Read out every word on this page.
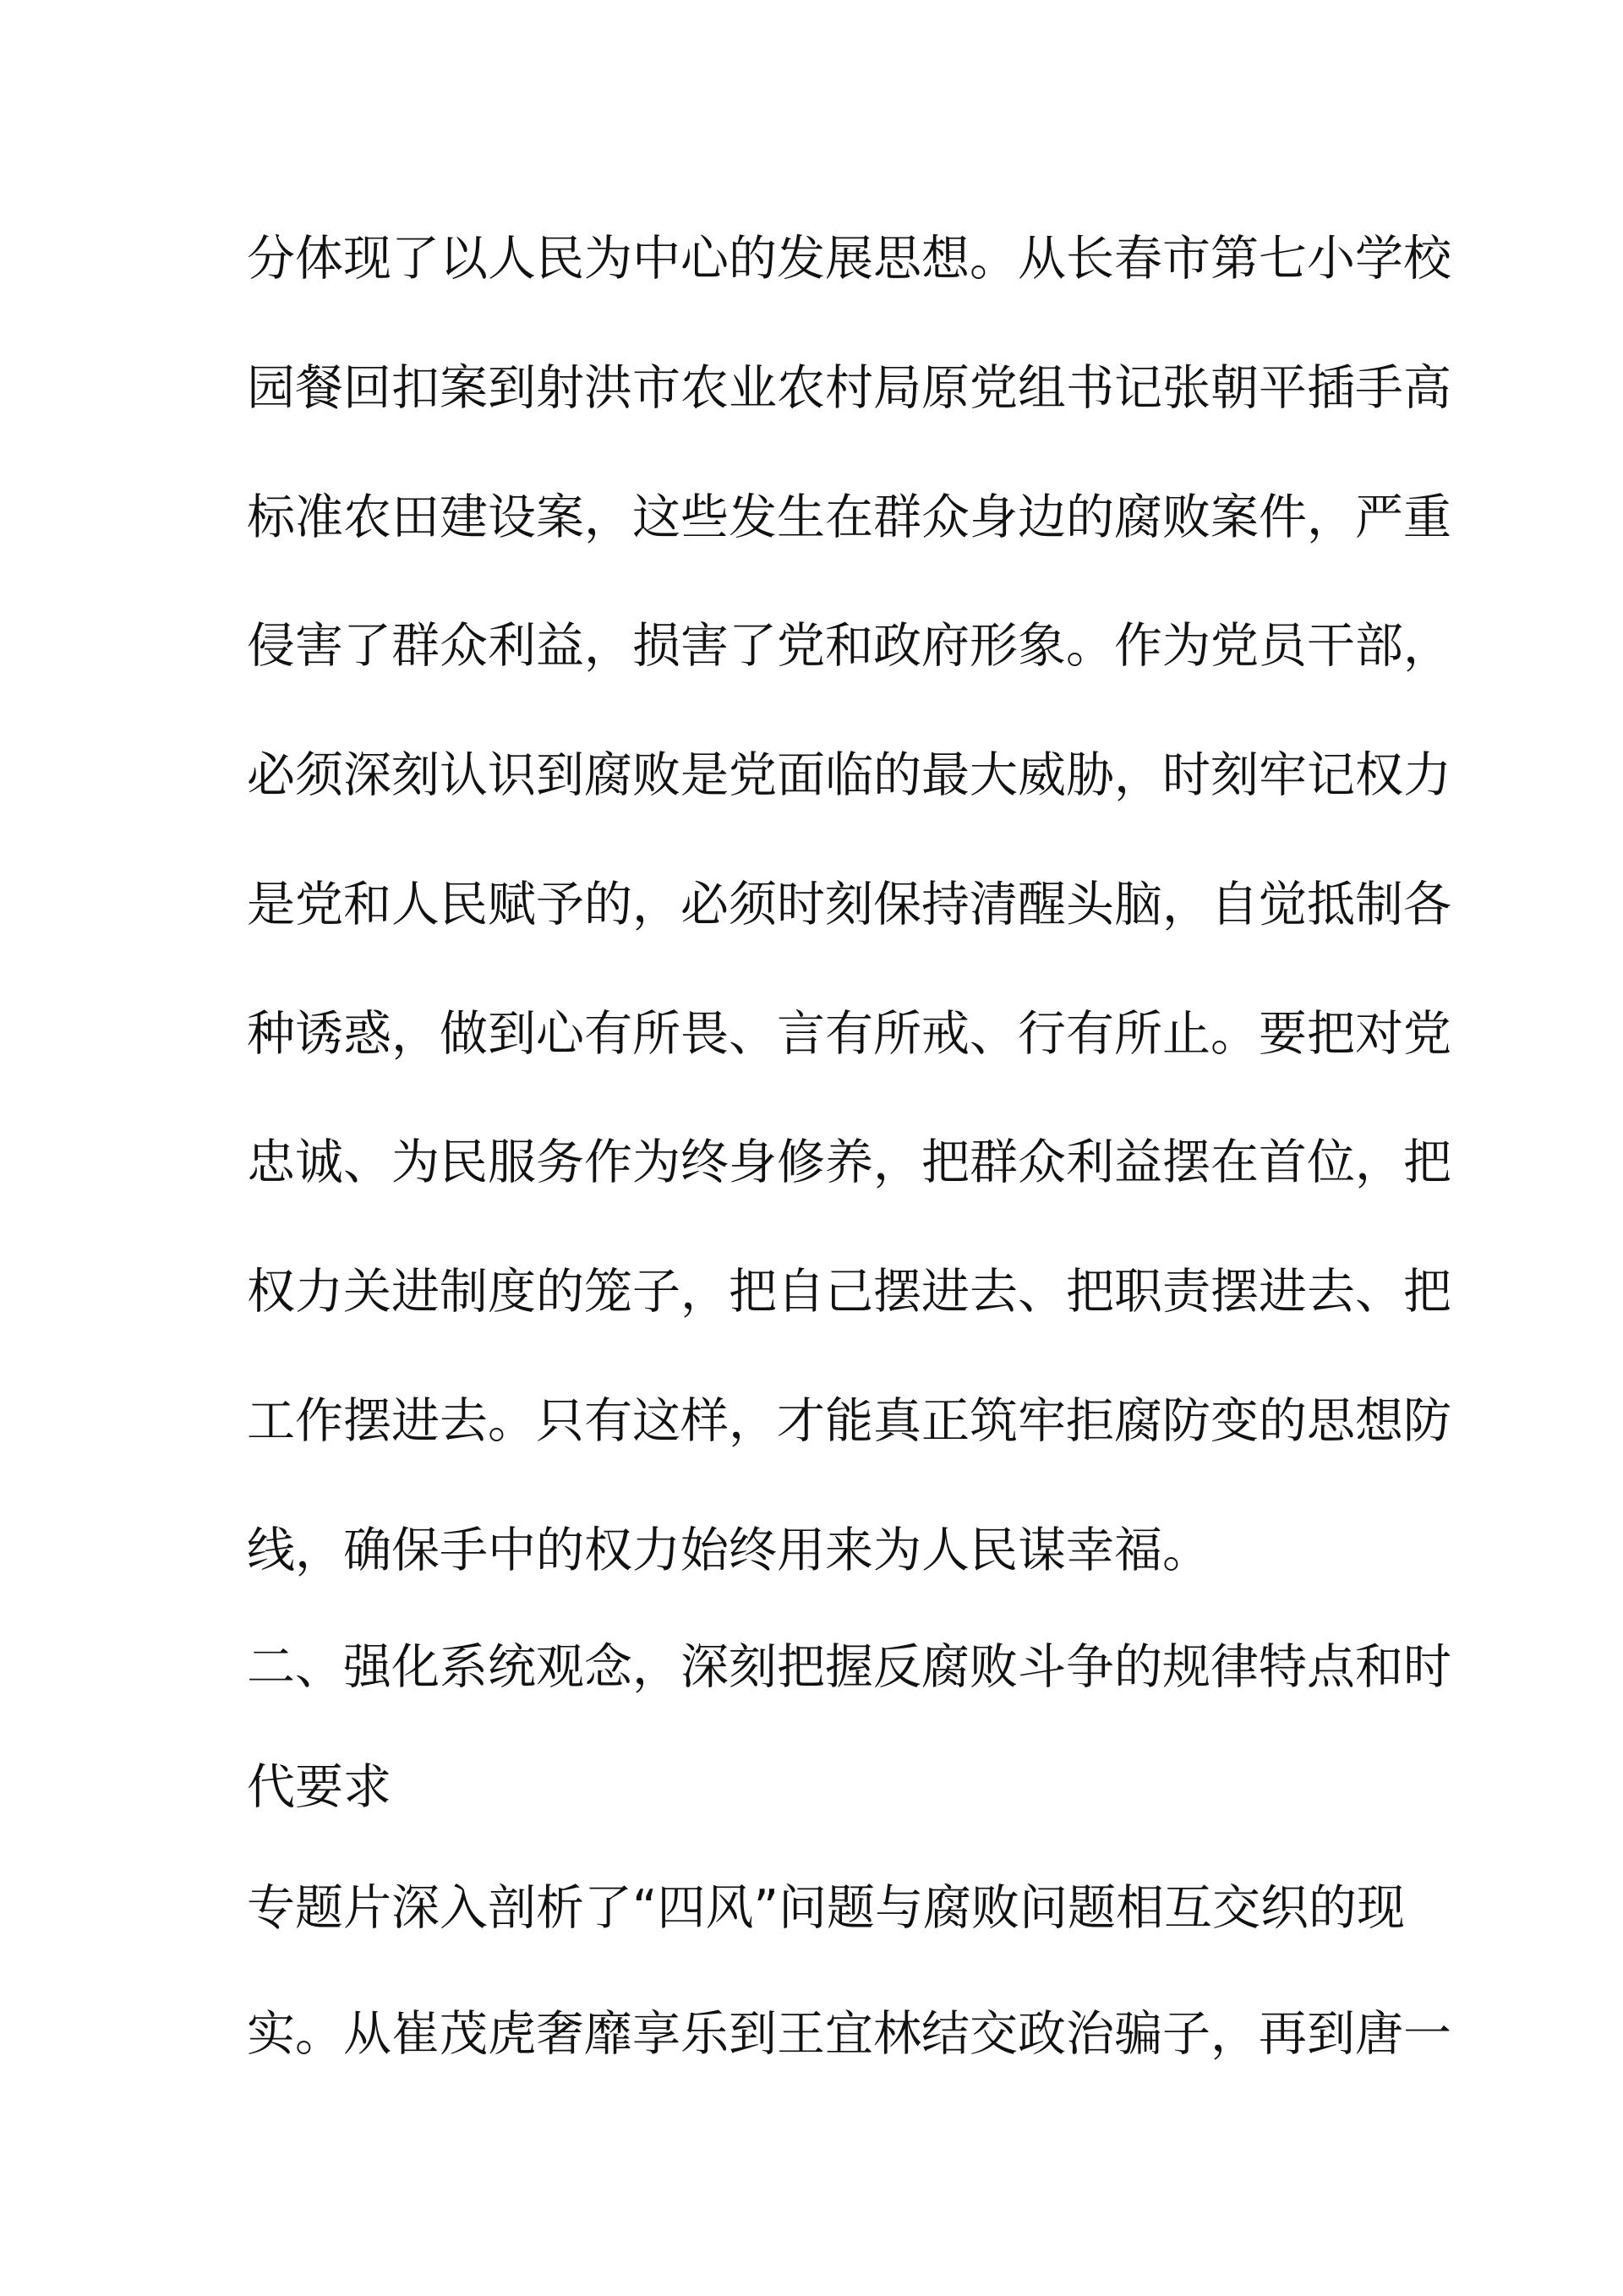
分体现了以人民为中心的发展思想。从长春市第七小学校

园餐回扣案到射洪市农业农村局原党组书记张朝平插手高

标准农田建设案，这些发生在群众身边的腐败案件，严重

侵害了群众利益，损害了党和政府形象。作为党员干部，

必须深刻认识到腐败是党面临的最大威胁，时刻牢记权力

是党和人民赋予的，必须时刻保持清醒头脑，自觉抵制各

种诱惑，做到心有所畏、言有所戒、行有所止。要把对党

忠诚、为民服务作为终身修养，把群众利益摆在首位，把

权力关进制度的笼子，把自己摆进去、把职责摆进去、把

工作摆进去。只有这样，才能真正筑牢拒腐防变的思想防

线，确保手中的权力始终用来为人民谋幸福。

二、强化系统观念，深刻把握反腐败斗争的规律特点和时

代要求

专题片深入剖析了“四风”问题与腐败问题相互交织的现

实。从崔茂虎奢靡享乐到王宜林结交政治骗子，再到唐一
